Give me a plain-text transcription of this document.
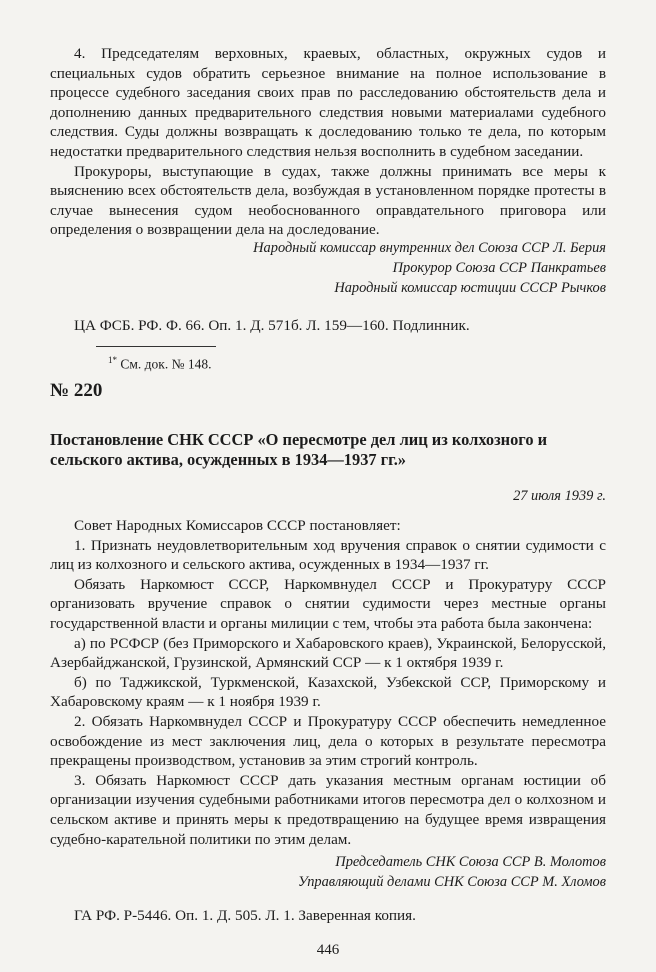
4. Председателям верховных, краевых, областных, окружных судов и специальных судов обратить серьезное внимание на полное использование в процессе судебного заседания своих прав по расследованию обстоятельств дела и дополнению данных предварительного следствия новыми материалами судебного следствия. Суды должны возвращать к доследованию только те дела, по которым недостатки предварительного следствия нельзя восполнить в судебном заседании.

Прокуроры, выступающие в судах, также должны принимать все меры к выяснению всех обстоятельств дела, возбуждая в установленном порядке протесты в случае вынесения судом необоснованного оправдательного приговора или определения о возвращении дела на доследование.

Народный комиссар внутренних дел Союза ССР Л. Берия
Прокурор Союза ССР Панкратьев
Народный комиссар юстиции СССР Рычков
ЦА ФСБ. РФ. Ф. 66. Оп. 1. Д. 571б. Л. 159—160. Подлинник.
$^{1*}$ См. док. № 148.
№ 220
Постановление СНК СССР «О пересмотре дел лиц из колхозного и сельского актива, осужденных в 1934—1937 гг.»
27 июля 1939 г.

Совет Народных Комиссаров СССР постановляет:

1. Признать неудовлетворительным ход вручения справок о снятии судимости с лиц из колхозного и сельского актива, осужденных в 1934—1937 гг.

Обязать Наркомюст СССР, Наркомвнудел СССР и Прокуратуру СССР организовать вручение справок о снятии судимости через местные органы государственной власти и органы милиции с тем, чтобы эта работа была закончена:

а) по РСФСР (без Приморского и Хабаровского краев), Украинской, Белорусской, Азербайджанской, Грузинской, Армянский ССР — к 1 октября 1939 г.

б) по Таджикской, Туркменской, Казахской, Узбекской ССР, Приморскому и Хабаровскому краям — к 1 ноября 1939 г.

2. Обязать Наркомвнудел СССР и Прокуратуру СССР обеспечить немедленное освобождение из мест заключения лиц, дела о которых в результате пересмотра прекращены производством, установив за этим строгий контроль.

3. Обязать Наркомюст СССР дать указания местным органам юстиции об организации изучения судебными работниками итогов пересмотра дел о колхозном и сельском активе и принять меры к предотвращению на будущее время извращения судебно-карательной политики по этим делам.

Председатель СНК Союза ССР В. Молотов
Управляющий делами СНК Союза ССР М. Хломов
ГА РФ. Р-5446. Оп. 1. Д. 505. Л. 1. Заверенная копия.
446
